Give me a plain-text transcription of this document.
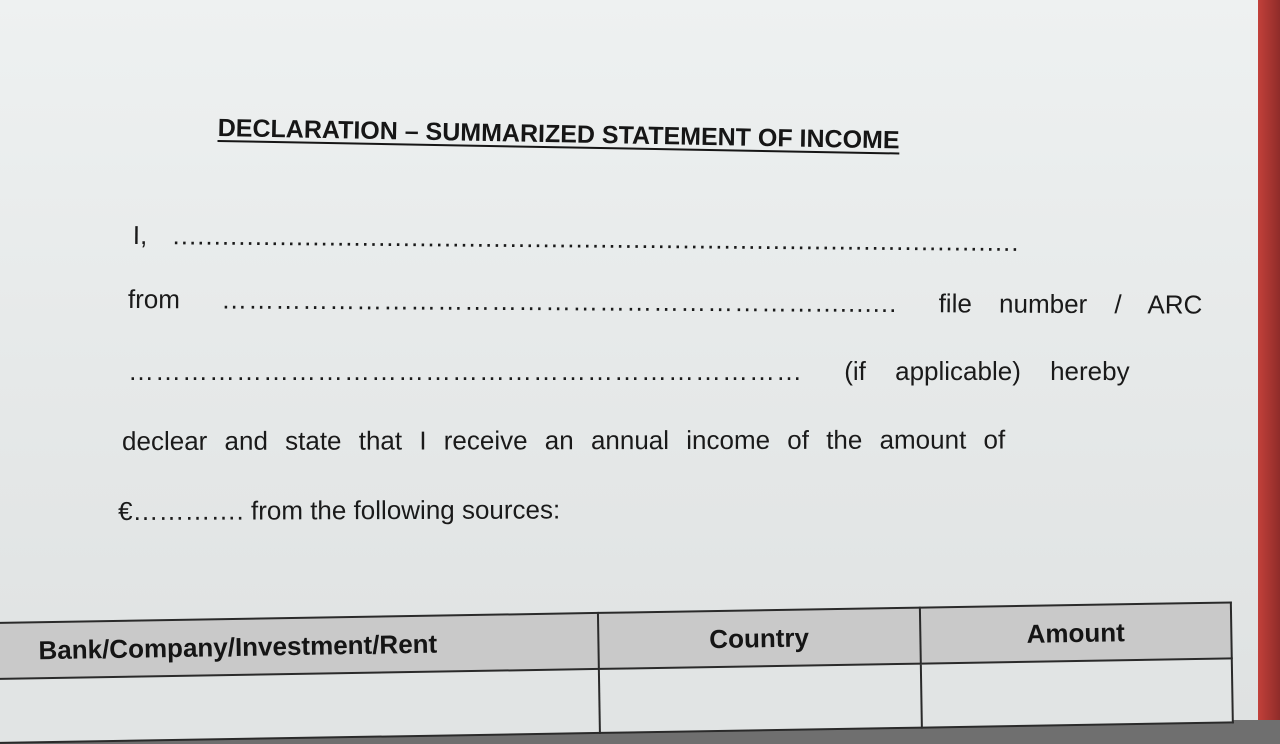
DECLARATION – SUMMARIZED STATEMENT OF INCOME
I, .......................................................................................................
from ………………………………………………………….......... file number / ARC
………………………………………………………………… (if applicable) hereby
declear and state that I receive an annual income of the amount of
€…………. from the following sources:
Bank/Company/Investment/Rent	Country	Amount
